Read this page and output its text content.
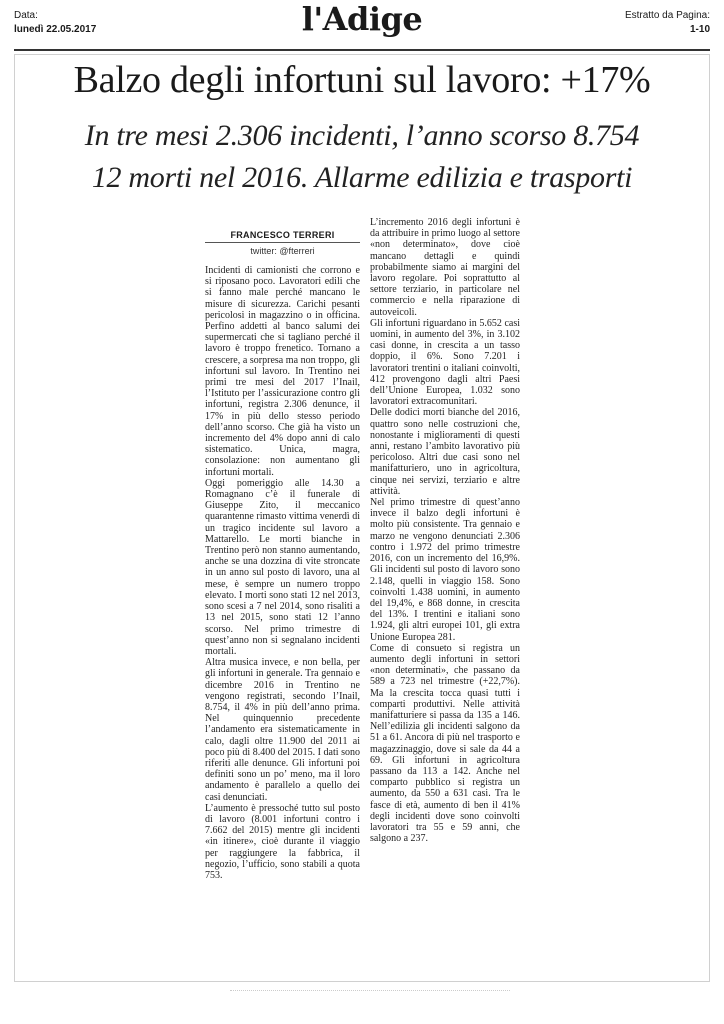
Data:
lunedì 22.05.2017	l'Adige	Estratto da Pagina:
1-10
Balzo degli infortuni sul lavoro: +17%
In tre mesi 2.306 incidenti, l’anno scorso 8.754
12 morti nel 2016. Allarme edilizia e trasporti
FRANCESCO TERRERI
twitter: @fterreri

Incidenti di camionisti che corrono e si riposano poco. Lavoratori edili che si fanno male perché mancano le misure di sicurezza. Carichi pesanti pericolosi in magazzino o in officina. Perfino addetti al banco salumi dei supermercati che si tagliano perché il lavoro è troppo frenetico. Tornano a crescere, a sorpresa ma non troppo, gli infortuni sul lavoro. In Trentino nei primi tre mesi del 2017 l’Inail, l’Istituto per l’assicurazione contro gli infortuni, registra 2.306 denunce, il 17% in più dello stesso periodo dell’anno scorso. Che già ha visto un incremento del 4% dopo anni di calo sistematico. Unica, magra, consolazione: non aumentano gli infortuni mortali.

Oggi pomeriggio alle 14.30 a Romagnano c’è il funerale di Giuseppe Zito, il meccanico quarantenne rimasto vittima venerdì di un tragico incidente sul lavoro a Mattarello. Le morti bianche in Trentino però non stanno aumentando, anche se una dozzina di vite stroncate in un anno sul posto di lavoro, una al mese, è sempre un numero troppo elevato. I morti sono stati 12 nel 2013, sono scesi a 7 nel 2014, sono risaliti a 13 nel 2015, sono stati 12 l’anno scorso. Nel primo trimestre di quest’anno non si segnalano incidenti mortali.

Altra musica invece, e non bella, per gli infortuni in generale. Tra gennaio e dicembre 2016 in Trentino ne vengono registrati, secondo l’Inail, 8.754, il 4% in più dell’anno prima. Nel quinquennio precedente l’andamento era sistematicamente in calo, dagli oltre 11.900 del 2011 ai poco più di 8.400 del 2015. I dati sono riferiti alle denunce. Gli infortuni poi definiti sono un po’ meno, ma il loro andamento è parallelo a quello dei casi denunciati.

L’aumento è pressoché tutto sul posto di lavoro (8.001 infortuni contro i 7.662 del 2015) mentre gli incidenti «in itinere», cioè durante il viaggio per raggiungere la fabbrica, il negozio, l’ufficio, sono stabili a quota 753.

L’incremento 2016 degli infortuni è da attribuire in primo luogo al settore «non determinato», dove cioè mancano dettagli e quindi probabilmente siamo ai margini del lavoro regolare. Poi soprattutto al settore terziario, in particolare nel commercio e nella riparazione di autoveicoli.

Gli infortuni riguardano in 5.652 casi uomini, in aumento del 3%, in 3.102 casi donne, in crescita a un tasso doppio, il 6%. Sono 7.201 i lavoratori trentini o italiani coinvolti, 412 provengono dagli altri Paesi dell’Unione Europea, 1.032 sono lavoratori extracomunitari.

Delle dodici morti bianche del 2016, quattro sono nelle costruzioni che, nonostante i miglioramenti di questi anni, restano l’ambito lavorativo più pericoloso. Altri due casi sono nel manifatturiero, uno in agricoltura, cinque nei servizi, terziario e altre attività.

Nel primo trimestre di quest’anno invece il balzo degli infortuni è molto più consistente. Tra gennaio e marzo ne vengono denunciati 2.306 contro i 1.972 del primo trimestre 2016, con un incremento del 16,9%. Gli incidenti sul posto di lavoro sono 2.148, quelli in viaggio 158. Sono coinvolti 1.438 uomini, in aumento del 19,4%, e 868 donne, in crescita del 13%. I trentini e italiani sono 1.924, gli altri europei 101, gli extra Unione Europea 281.

Come di consueto si registra un aumento degli infortuni in settori «non determinati», che passano da 589 a 723 nel trimestre (+22,7%). Ma la crescita tocca quasi tutti i comparti produttivi. Nelle attività manifatturiere si passa da 135 a 146. Nell’edilizia gli incidenti salgono da 51 a 61. Ancora di più nel trasporto e magazzinaggio, dove si sale da 44 a 69. Gli infortuni in agricoltura passano da 113 a 142. Anche nel comparto pubblico si registra un aumento, da 550 a 631 casi. Tra le fasce di età, aumento di ben il 41% degli incidenti dove sono coinvolti lavoratori tra 55 e 59 anni, che salgono a 237.
